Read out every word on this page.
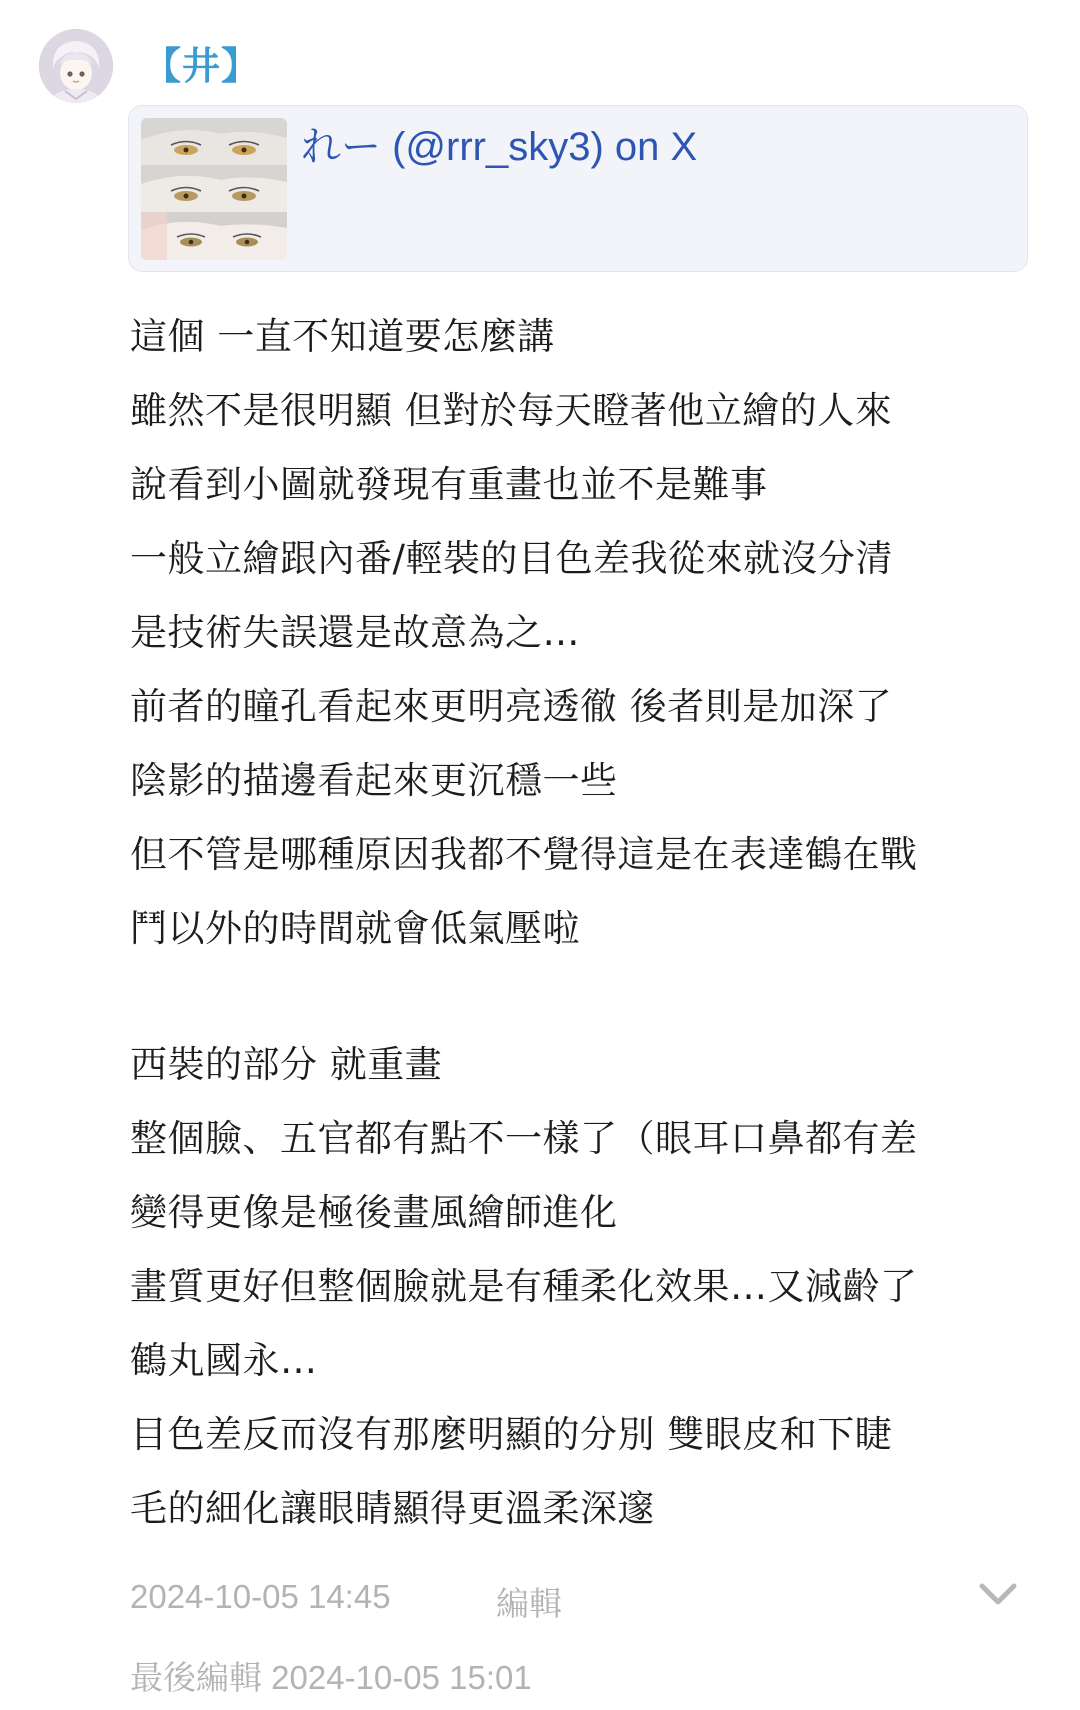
【井】
れー (@rrr_sky3) on X
這個 一直不知道要怎麼講
雖然不是很明顯 但對於每天瞪著他立繪的人來
說看到小圖就發現有重畫也並不是難事
一般立繪跟內番/輕裝的目色差我從來就沒分清
是技術失誤還是故意為之…
前者的瞳孔看起來更明亮透徹 後者則是加深了
陰影的描邊看起來更沉穩一些
但不管是哪種原因我都不覺得這是在表達鶴在戰
鬥以外的時間就會低氣壓啦
西裝的部分 就重畫
整個臉、五官都有點不一樣了（眼耳口鼻都有差
變得更像是極後畫風繪師進化
畫質更好但整個臉就是有種柔化效果…又減齡了
鶴丸國永…
目色差反而沒有那麼明顯的分別 雙眼皮和下睫
毛的細化讓眼睛顯得更溫柔深邃
2024-10-05 14:45	編輯
最後編輯 2024-10-05 15:01
